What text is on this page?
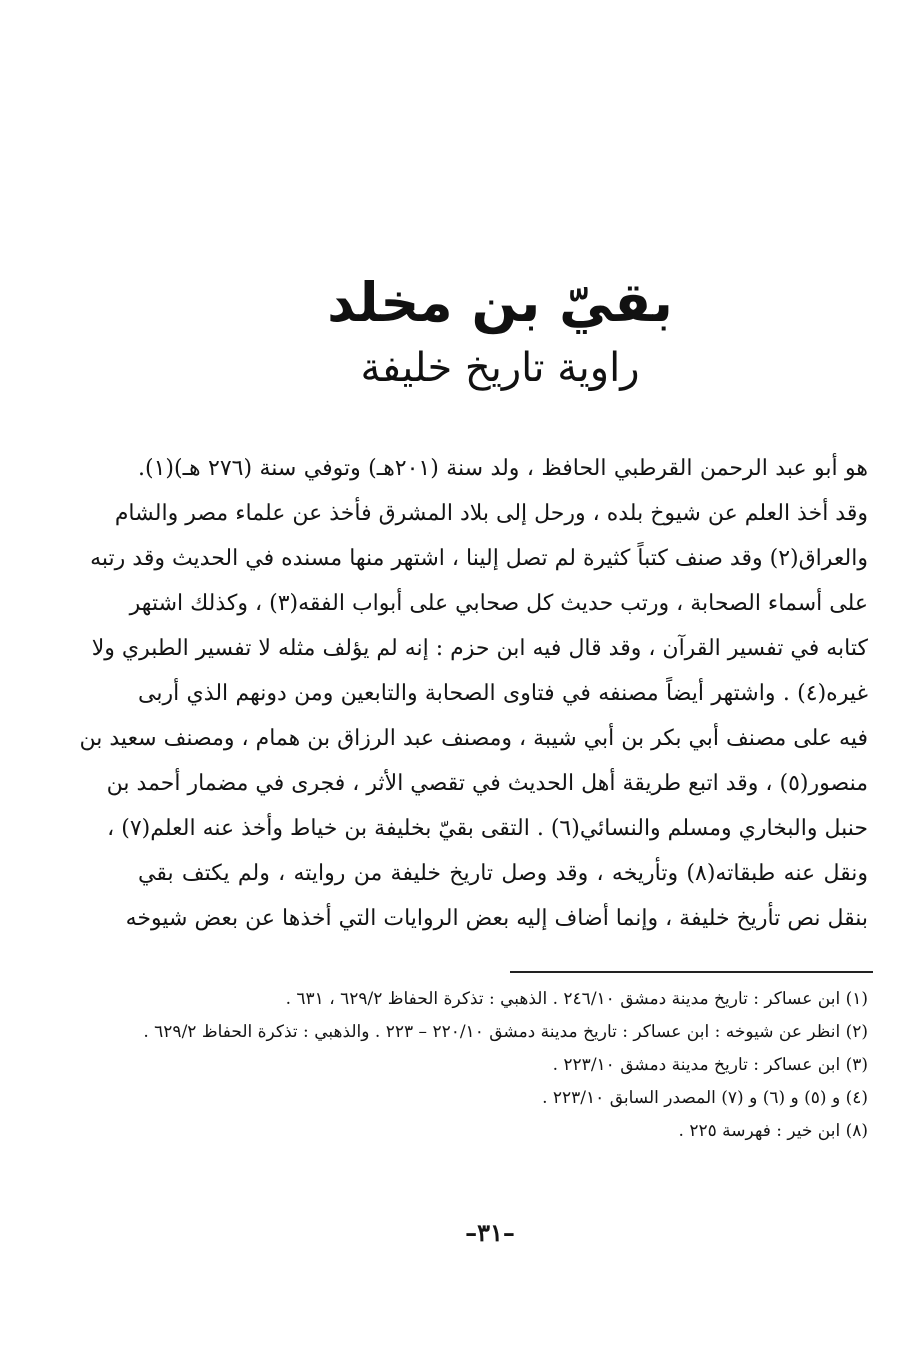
بقيّ بن مخلد
راوية تاريخ خليفة
هو أبو عبد الرحمن القرطبي الحافظ ، ولد سنة (٢٠١هـ) وتوفي سنة (٢٧٦ هـ)(١).
وقد أخذ العلم عن شيوخ بلده ، ورحل إلى بلاد المشرق فأخذ عن علماء مصر والشام
والعراق(٢) وقد صنف كتباً كثيرة لم تصل إلينا ، اشتهر منها مسنده في الحديث وقد رتبه
على أسماء الصحابة ، ورتب حديث كل صحابي على أبواب الفقه(٣) ، وكذلك اشتهر
كتابه في تفسير القرآن ، وقد قال فيه ابن حزم : إنه لم يؤلف مثله لا تفسير الطبري ولا
غيره(٤) . واشتهر أيضاً مصنفه في فتاوى الصحابة والتابعين ومن دونهم الذي أربى
فيه على مصنف أبي بكر بن أبي شيبة ، ومصنف عبد الرزاق بن همام ، ومصنف سعيد بن
منصور(٥) ، وقد اتبع طريقة أهل الحديث في تقصي الأثر ، فجرى في مضمار أحمد بن
حنبل والبخاري ومسلم والنسائي(٦) . التقى بقيّ بخليفة بن خياط وأخذ عنه العلم(٧) ،
ونقل عنه طبقاته(٨) وتأريخه ، وقد وصل تاريخ خليفة من روايته ، ولم يكتف بقي
بنقل نص تأريخ خليفة ، وإنما أضاف إليه بعض الروايات التي أخذها عن بعض شيوخه
(١) ابن عساكر : تاريخ مدينة دمشق ٢٤٦/١٠ . الذهبي : تذكرة الحفاظ ٦٢٩/٢ ، ٦٣١ .
(٢) انظر عن شيوخه : ابن عساكر : تاريخ مدينة دمشق ٢٢٠/١٠ – ٢٢٣ . والذهبي : تذكرة الحفاظ ٦٢٩/٢ .
(٣) ابن عساكر : تاريخ مدينة دمشق ٢٢٣/١٠ .
(٤) و (٥) و (٦) و (٧) المصدر السابق ٢٢٣/١٠ .
(٨) ابن خير : فهرسة ٢٢٥ .
–٣١–
